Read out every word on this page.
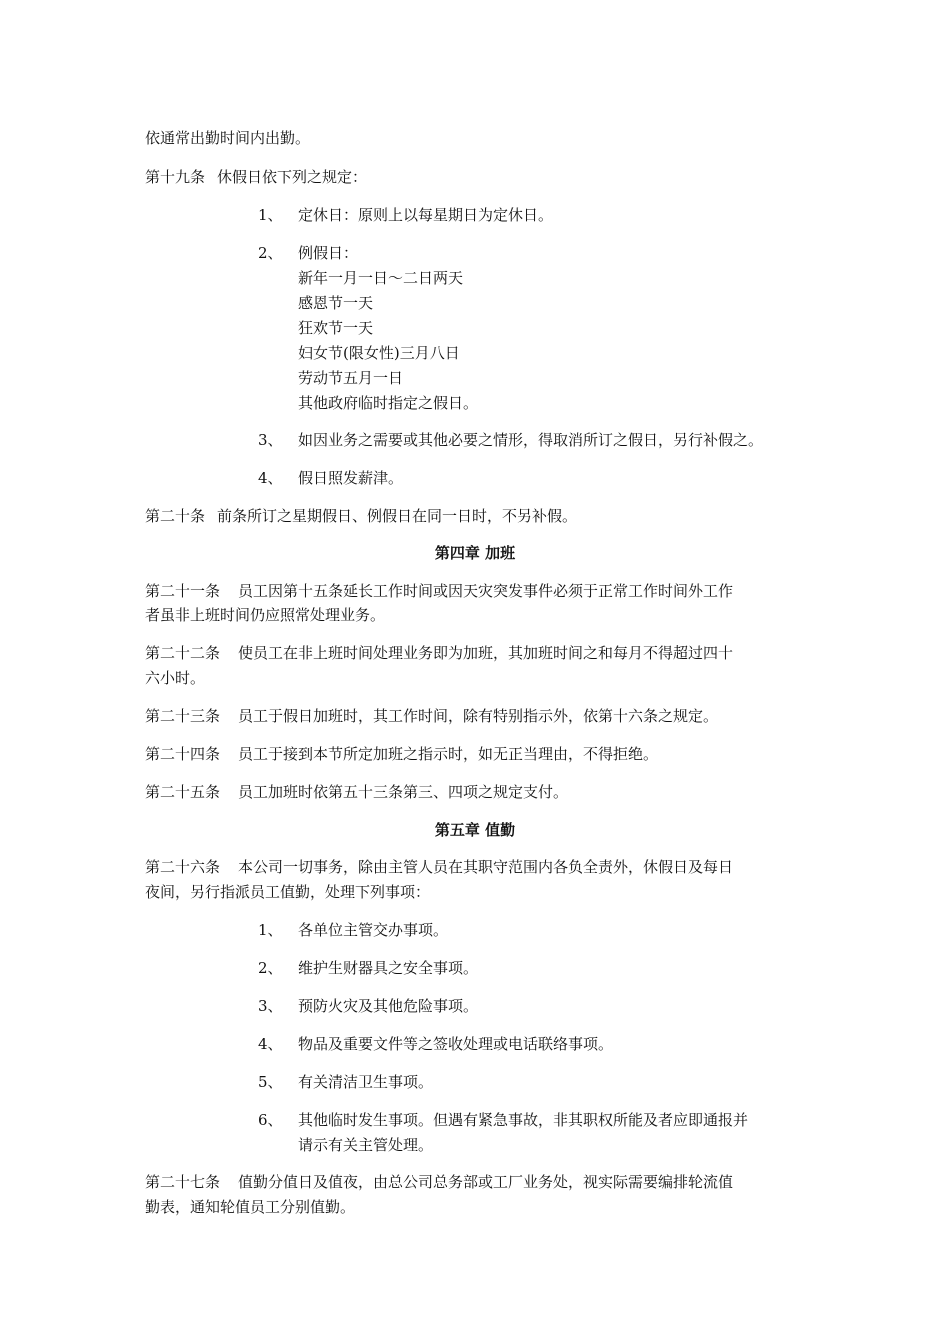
依通常出勤时间内出勤。
第十九条 休假日依下列之规定：
1、 定休日：原则上以每星期日为定休日。
2、 例假日：
新年一月一日～二日两天
感恩节一天
狂欢节一天
妇女节(限女性)三月八日
劳动节五月一日
其他政府临时指定之假日。
3、 如因业务之需要或其他必要之情形，得取消所订之假日，另行补假之。
4、 假日照发薪津。
第二十条 前条所订之星期假日、例假日在同一日时，不另补假。
第四章 加班
第二十一条 员工因第十五条延长工作时间或因天灾突发事件必须于正常工作时间外工作
者虽非上班时间仍应照常处理业务。
第二十二条 使员工在非上班时间处理业务即为加班，其加班时间之和每月不得超过四十
六小时。
第二十三条 员工于假日加班时，其工作时间，除有特别指示外，依第十六条之规定。
第二十四条 员工于接到本节所定加班之指示时，如无正当理由，不得拒绝。
第二十五条 员工加班时依第五十三条第三、四项之规定支付。
第五章 值勤
第二十六条 本公司一切事务，除由主管人员在其职守范围内各负全责外，休假日及每日
夜间，另行指派员工值勤，处理下列事项：
1、 各单位主管交办事项。
2、 维护生财器具之安全事项。
3、 预防火灾及其他危险事项。
4、 物品及重要文件等之签收处理或电话联络事项。
5、 有关清洁卫生事项。
6、 其他临时发生事项。但遇有紧急事故，非其职权所能及者应即通报并
请示有关主管处理。
第二十七条 值勤分值日及值夜，由总公司总务部或工厂业务处，视实际需要编排轮流值
勤表，通知轮值员工分别值勤。
